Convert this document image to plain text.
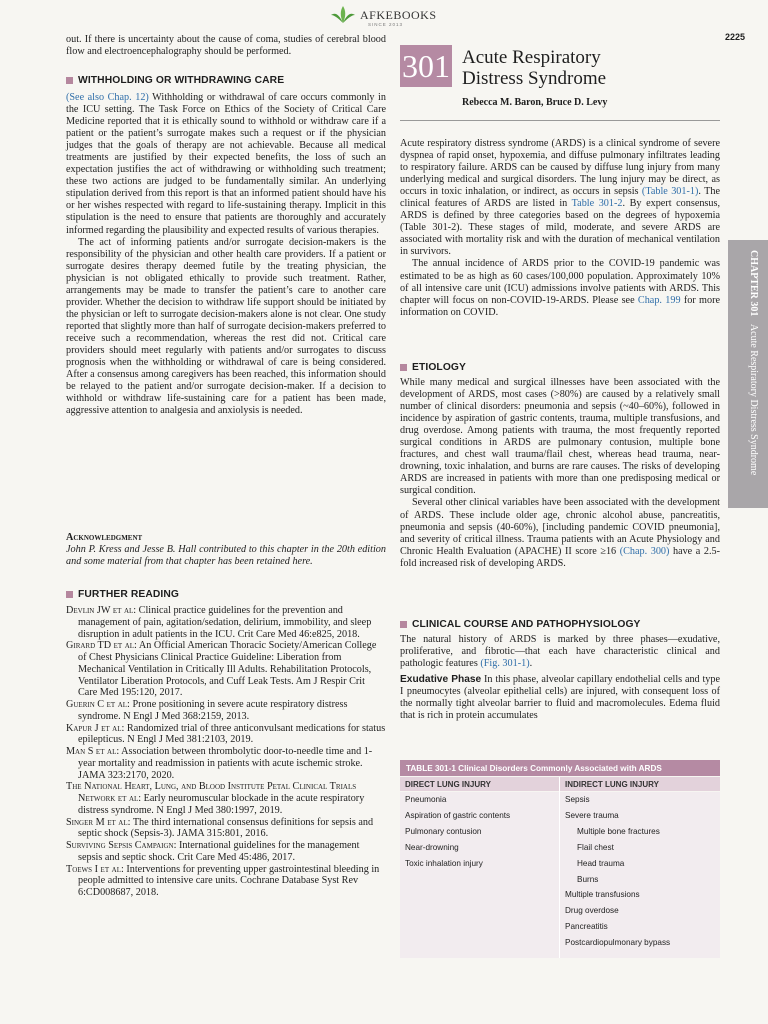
AFKEBOOKS
SINCE 2013
2225

out. If there is uncertainty about the cause of coma, studies of cerebral blood flow and electroencephalography should be performed.

WITHHOLDING OR WITHDRAWING CARE

(See also Chap. 12) Withholding or withdrawal of care occurs commonly in the ICU setting. The Task Force on Ethics of the Society of Critical Care Medicine reported that it is ethically sound to withhold or withdraw care if a patient or the patient’s surrogate makes such a request or if the physician judges that the goals of therapy are not achievable. Because all medical treatments are justified by their expected benefits, the loss of such an expectation justifies the act of withdrawing or withholding such treatment; these two actions are judged to be fundamentally similar. An underlying stipulation derived from this report is that an informed patient should have his or her wishes respected with regard to life-sustaining therapy. Implicit in this stipulation is the need to ensure that patients are thoroughly and accurately informed regarding the plausibility and expected results of various therapies.

The act of informing patients and/or surrogate decision-makers is the responsibility of the physician and other health care providers. If a patient or surrogate desires therapy deemed futile by the treating physician, the physician is not obligated ethically to provide such treatment. Rather, arrangements may be made to transfer the patient’s care to another care provider. Whether the decision to withdraw life support should be initiated by the physician or left to surrogate decision-makers alone is not clear. One study reported that slightly more than half of surrogate decision-makers preferred to receive such a recommendation, whereas the rest did not. Critical care providers should meet regularly with patients and/or surrogates to discuss prognosis when the withholding or withdrawal of care is being considered. After a consensus among caregivers has been reached, this information should be relayed to the patient and/or surrogate decision-maker. If a decision to withhold or withdraw life-sustaining care for a patient has been made, aggressive attention to analgesia and anxiolysis is needed.

Acknowledgment

John P. Kress and Jesse B. Hall contributed to this chapter in the 20th edition and some material from that chapter has been retained here.

FURTHER READING

Devlin JW et al: Clinical practice guidelines for the prevention and management of pain, agitation/sedation, delirium, immobility, and sleep disruption in adult patients in the ICU. Crit Care Med 46:e825, 2018.

Girard TD et al: An Official American Thoracic Society/American College of Chest Physicians Clinical Practice Guideline: Liberation from Mechanical Ventilation in Critically Ill Adults. Rehabilitation Protocols, Ventilator Liberation Protocols, and Cuff Leak Tests. Am J Respir Crit Care Med 195:120, 2017.

Guerin C et al: Prone positioning in severe acute respiratory distress syndrome. N Engl J Med 368:2159, 2013.

Kapur J et al: Randomized trial of three anticonvulsant medications for status epilepticus. N Engl J Med 381:2103, 2019.

Man S et al: Association between thrombolytic door-to-needle time and 1-year mortality and readmission in patients with acute ischemic stroke. JAMA 323:2170, 2020.

The National Heart, Lung, and Blood Institute Petal Clinical Trials Network et al: Early neuromuscular blockade in the acute respiratory distress syndrome. N Engl J Med 380:1997, 2019.

Singer M et al: The third international consensus definitions for sepsis and septic shock (Sepsis-3). JAMA 315:801, 2016.

Surviving Sepsis Campaign: International guidelines for the management sepsis and septic shock. Crit Care Med 45:486, 2017.

Toews I et al: Interventions for preventing upper gastrointestinal bleeding in people admitted to intensive care units. Cochrane Database Syst Rev 6:CD008687, 2018.

301 Acute Respiratory
Distress Syndrome
Rebecca M. Baron, Bruce D. Levy
CHAPTER 301   Acute Respiratory Distress Syndrome

Acute respiratory distress syndrome (ARDS) is a clinical syndrome of severe dyspnea of rapid onset, hypoxemia, and diffuse pulmonary infiltrates leading to respiratory failure. ARDS can be caused by diffuse lung injury from many underlying medical and surgical disorders. The lung injury may be direct, as occurs in toxic inhalation, or indirect, as occurs in sepsis (Table 301-1). The clinical features of ARDS are listed in Table 301-2. By expert consensus, ARDS is defined by three categories based on the degrees of hypoxemia (Table 301-2). These stages of mild, moderate, and severe ARDS are associated with mortality risk and with the duration of mechanical ventilation in survivors.

The annual incidence of ARDS prior to the COVID-19 pandemic was estimated to be as high as 60 cases/100,000 population. Approximately 10% of all intensive care unit (ICU) admissions involve patients with ARDS. This chapter will focus on non-COVID-19-ARDS. Please see Chap. 199 for more information on COVID.

ETIOLOGY

While many medical and surgical illnesses have been associated with the development of ARDS, most cases (>80%) are caused by a relatively small number of clinical disorders: pneumonia and sepsis (~40–60%), followed in incidence by aspiration of gastric contents, trauma, multiple transfusions, and drug overdose. Among patients with trauma, the most frequently reported surgical conditions in ARDS are pulmonary contusion, multiple bone fractures, and chest wall trauma/flail chest, whereas head trauma, near-drowning, toxic inhalation, and burns are rare causes. The risks of developing ARDS are increased in patients with more than one predisposing medical or surgical condition.

Several other clinical variables have been associated with the development of ARDS. These include older age, chronic alcohol abuse, pancreatitis, pneumonia and sepsis (40-60%), [including pandemic COVID pneumonia], and severity of critical illness. Trauma patients with an Acute Physiology and Chronic Health Evaluation (APACHE) II score ≥16 (Chap. 300) have a 2.5-fold increased risk of developing ARDS.

CLINICAL COURSE AND PATHOPHYSIOLOGY

The natural history of ARDS is marked by three phases—exudative, proliferative, and fibrotic—that each have characteristic clinical and pathologic features (Fig. 301-1).

Exudative Phase In this phase, alveolar capillary endothelial cells and type I pneumocytes (alveolar epithelial cells) are injured, with consequent loss of the normally tight alveolar barrier to fluid and macromolecules. Edema fluid that is rich in protein accumulates

TABLE 301-1 Clinical Disorders Commonly Associated with ARDS
DIRECT LUNG INJURY	INDIRECT LUNG INJURY
Pneumonia
Aspiration of gastric contents
Pulmonary contusion
Near-drowning
Toxic inhalation injury
Sepsis
Severe trauma
Multiple bone fractures
Flail chest
Head trauma
Burns
Multiple transfusions
Drug overdose
Pancreatitis
Postcardiopulmonary bypass
